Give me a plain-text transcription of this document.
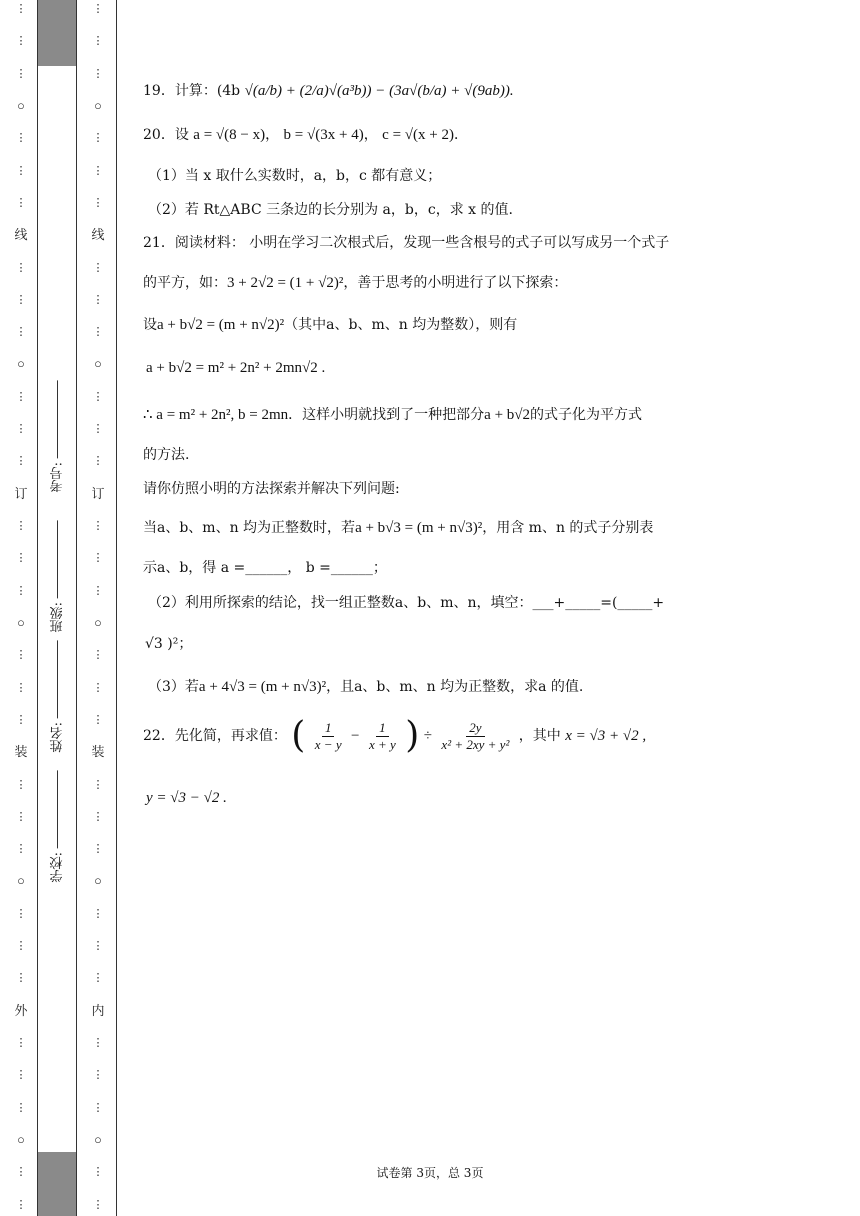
⋮
⋮
⋮
○
⋮
⋮
⋮
线
⋮
⋮
⋮
○
⋮
⋮
⋮
订
⋮
⋮
⋮
○
⋮
⋮
⋮
装
⋮
⋮
⋮
○
⋮
⋮
⋮
外
⋮
⋮
⋮
○
⋮
⋮
学校:
姓名:
班级:
考号:
⋮
⋮
⋮
○
⋮
⋮
⋮
线
⋮
⋮
⋮
○
⋮
⋮
⋮
订
⋮
⋮
⋮
○
⋮
⋮
⋮
装
⋮
⋮
⋮
○
⋮
⋮
⋮
内
⋮
⋮
⋮
○
⋮
⋮
19．计算：(4b √(a/b) + (2/a)√(a³b)) − (3a√(b/a) + √(9ab)).
20．设 a = √(8 − x)， b = √(3x + 4)， c = √(x + 2)．
（1）当 x 取什么实数时，a，b，c 都有意义；
（2）若 Rt△ABC 三条边的长分别为 a，b，c，求 x 的值.
21．阅读材料： 小明在学习二次根式后，发现一些含根号的式子可以写成另一个式子
的平方，如：3 + 2√2 = (1 + √2)²，善于思考的小明进行了以下探索：
设a + b√2 = (m + n√2)²（其中a、b、m、n 均为整数），则有
a + b√2 = m² + 2n² + 2mn√2 .
∴ a = m² + 2n², b = 2mn．这样小明就找到了一种把部分a + b√2的式子化为平方式
的方法.
请你仿照小明的方法探索并解决下列问题:
当a、b、m、n 均为正整数时，若a + b√3 = (m + n√3)²，用含 m、n 的式子分别表
示a、b，得 a =______， b =______；
（2）利用所探索的结论，找一组正整数a、b、m、n，填空：___+_____=(_____+
√3 )²；
（3）若a + 4√3 = (m + n√3)²，且a、b、m、n 均为正整数，求a 的值.
22．先化简，再求值： ( $\frac{1}{x - y} - \frac{1}{x + y}$ ) ÷ $\frac{2y}{\text{x² + 2xy + y²}}$ ，其中 x = √3 + √2 ,
y = √3 − √2 .
试卷第 3页，总 3页
